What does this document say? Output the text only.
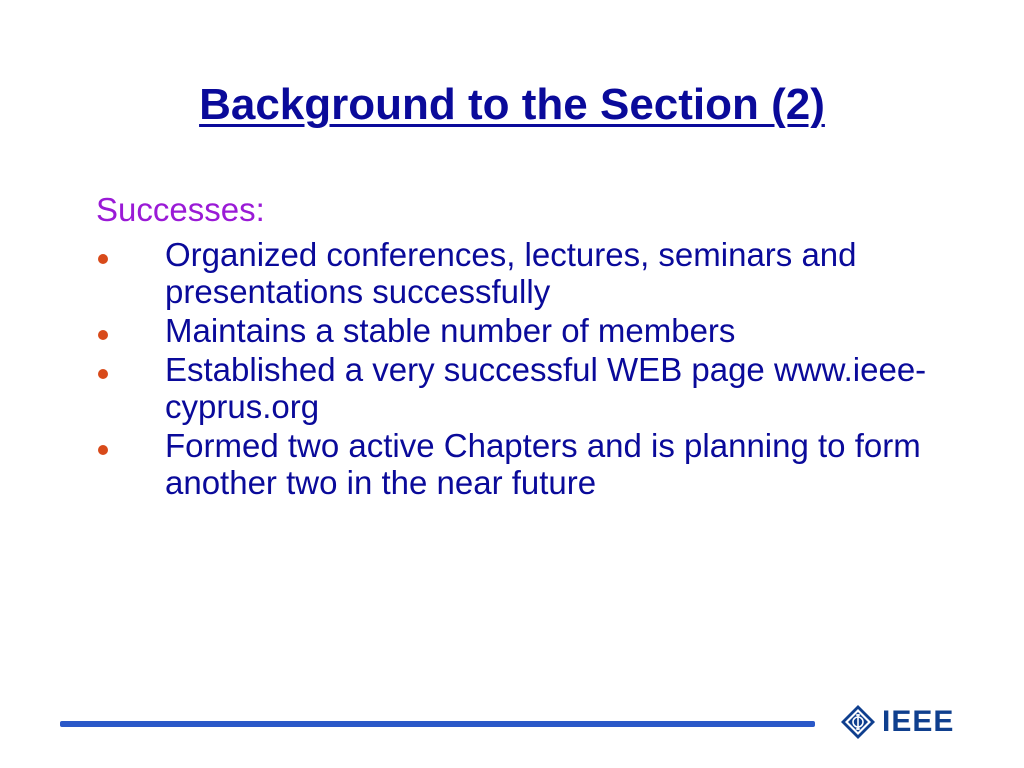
Background to the Section (2)
Successes:
Organized conferences, lectures, seminars and presentations successfully
Maintains a stable number of members
Established a very successful WEB page www.ieee-cyprus.org
Formed two active Chapters and is planning to form another two in the near future
IEEE
